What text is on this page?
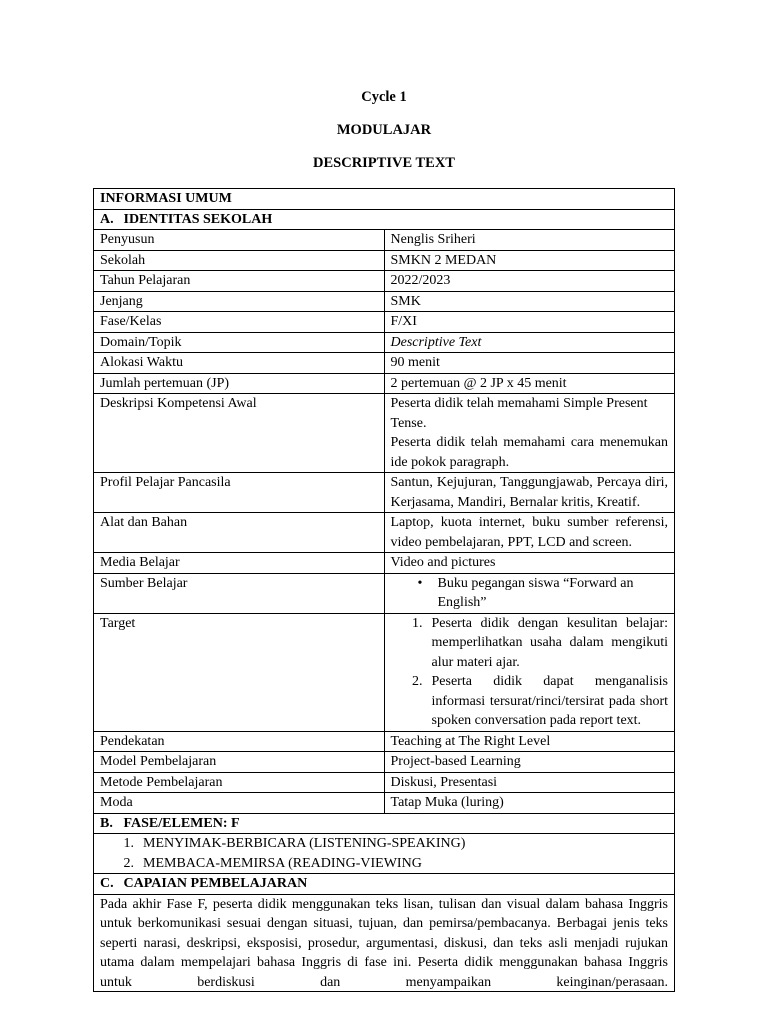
Cycle 1
MODULAJAR
DESCRIPTIVE TEXT
INFORMASI UMUM	
A. IDENTITAS SEKOLAH	
Penyusun	Nenglis Sriheri
Sekolah	SMKN 2 MEDAN
Tahun Pelajaran	2022/2023
Jenjang	SMK
Fase/Kelas	F/XI
Domain/Topik	Descriptive Text
Alokasi Waktu	90 menit
Jumlah pertemuan (JP)	2 pertemuan @ 2 JP x 45 menit
Deskripsi Kompetensi Awal	Peserta didik telah memahami Simple Present Tense.
Peserta didik telah memahami cara menemukan ide pokok paragraph.

Profil Pelajar Pancasila	Santun, Kejujuran, Tanggungjawab, Percaya diri, Kerjasama, Mandiri, Bernalar kritis, Kreatif.
Alat dan Bahan	Laptop, kuota internet, buku sumber referensi, video pembelajaran, PPT, LCD and screen.
Media Belajar	Video and pictures
Sumber Belajar	• Buku pegangan siswa “Forward an English”

Target	1. Peserta didik dengan kesulitan belajar: memperlihatkan usaha dalam mengikuti alur materi ajar.
2. Peserta didik dapat menganalisis informasi tersurat/rinci/tersirat pada short spoken conversation pada report text.

Pendekatan	Teaching at The Right Level
Model Pembelajaran	Project-based Learning
Metode Pembelajaran	Diskusi, Presentasi
Moda	Tatap Muka (luring)
B. FASE/ELEMEN: F	

1. MENYIMAK-BERBICARA (LISTENING-SPEAKING)
2. MEMBACA-MEMIRSA (READING-VIEWING	

C. CAPAIAN PEMBELAJARAN	

Pada akhir Fase F, peserta didik menggunakan teks lisan, tulisan dan visual dalam bahasa Inggris untuk berkomunikasi sesuai dengan situasi, tujuan, dan pemirsa/pembacanya. Berbagai jenis teks seperti narasi, deskripsi, eksposisi, prosedur, argumentasi, diskusi, dan teks asli menjadi rujukan utama dalam mempelajari bahasa Inggris di fase ini. Peserta didik menggunakan bahasa Inggris untuk berdiskusi dan menyampaikan keinginan/perasaan.	
